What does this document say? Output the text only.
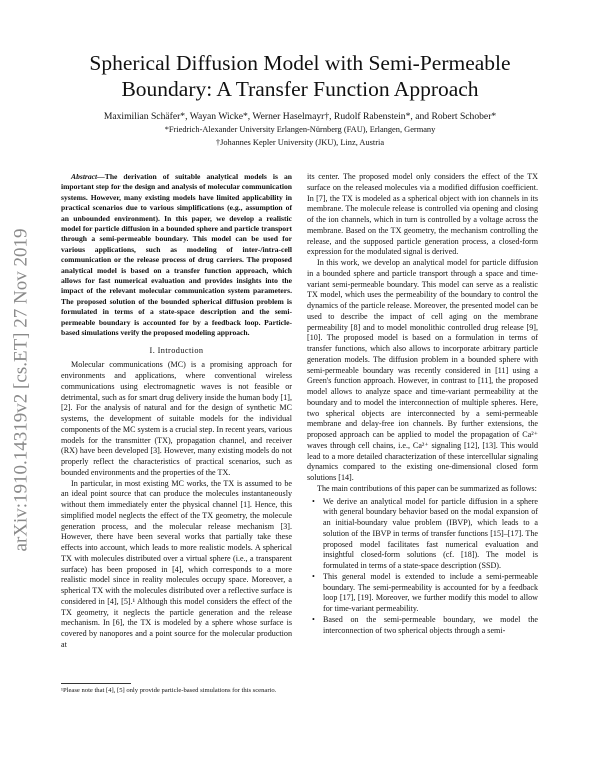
arXiv:1910.14319v2 [cs.ET] 27 Nov 2019
Spherical Diffusion Model with Semi-Permeable Boundary: A Transfer Function Approach
Maximilian Schäfer*, Wayan Wicke*, Werner Haselmayr†, Rudolf Rabenstein*, and Robert Schober*
*Friedrich-Alexander University Erlangen-Nürnberg (FAU), Erlangen, Germany
†Johannes Kepler University (JKU), Linz, Austria

Abstract—The derivation of suitable analytical models is an important step for the design and analysis of molecular communication systems. However, many existing models have limited applicability in practical scenarios due to various simplifications (e.g., assumption of an unbounded environment). In this paper, we develop a realistic model for particle diffusion in a bounded sphere and particle transport through a semi-permeable boundary. This model can be used for various applications, such as modeling of inter-/intra-cell communication or the release process of drug carriers. The proposed analytical model is based on a transfer function approach, which allows for fast numerical evaluation and provides insights into the impact of the relevant molecular communication system parameters. The proposed solution of the bounded spherical diffusion problem is formulated in terms of a state-space description and the semi-permeable boundary is accounted for by a feedback loop. Particle-based simulations verify the proposed modeling approach.

I. Introduction

Molecular communications (MC) is a promising approach for environments and applications, where conventional wireless communications using electromagnetic waves is not feasible or detrimental, such as for smart drug delivery inside the human body [1], [2]. For the analysis of natural and for the design of synthetic MC systems, the development of suitable models for the individual components of the MC system is a crucial step. In recent years, various models for the transmitter (TX), propagation channel, and receiver (RX) have been developed [3]. However, many existing models do not properly reflect the characteristics of practical scenarios, such as bounded environments and the properties of the TX.

In particular, in most existing MC works, the TX is assumed to be an ideal point source that can produce the molecules instantaneously without them immediately enter the physical channel [1]. Hence, this simplified model neglects the effect of the TX geometry, the molecule generation process, and the molecular release mechanism [3]. However, there have been several works that partially take these effects into account, which leads to more realistic models. A spherical TX with molecules distributed over a virtual sphere (i.e., a transparent surface) has been proposed in [4], which corresponds to a more realistic model since in reality molecules occupy space. Moreover, a spherical TX with the molecules distributed over a reflective surface is considered in [4], [5].¹ Although this model considers the effect of the TX geometry, it neglects the particle generation and the release mechanism. In [6], the TX is modeled by a sphere whose surface is covered by nanopores and a point source for the molecular production at

its center. The proposed model only considers the effect of the TX surface on the released molecules via a modified diffusion coefficient. In [7], the TX is modeled as a spherical object with ion channels in its membrane. The molecule release is controlled via opening and closing of the ion channels, which in turn is controlled by a voltage across the membrane. Based on the TX geometry, the mechanism controlling the release, and the supposed particle generation process, a closed-form expression for the modulated signal is derived.

In this work, we develop an analytical model for particle diffusion in a bounded sphere and particle transport through a space and time-variant semi-permeable boundary. This model can serve as a realistic TX model, which uses the permeability of the boundary to control the dynamics of the particle release. Moreover, the presented model can be used to describe the impact of cell aging on the membrane permeability [8] and to model monolithic controlled drug release [9], [10]. The proposed model is based on a formulation in terms of transfer functions, which also allows to incorporate arbitrary particle generation models. The diffusion problem in a bounded sphere with semi-permeable boundary was recently considered in [11] using a Green's function approach. However, in contrast to [11], the proposed model allows to analyze space and time-variant permeability at the boundary and to model the interconnection of multiple spheres. Here, two spherical objects are interconnected by a semi-permeable membrane and delay-free ion channels. By further extensions, the proposed approach can be applied to model the propagation of Ca²⁺ waves through cell chains, i.e., Ca²⁺ signaling [12], [13]. This would lead to a more detailed characterization of these intercellular signaling dynamics compared to the existing one-dimensional closed form solutions [14].

The main contributions of this paper can be summarized as follows:

• We derive an analytical model for particle diffusion in a sphere with general boundary behavior based on the modal expansion of an initial-boundary value problem (IBVP), which leads to a solution of the IBVP in terms of transfer functions [15]–[17]. The proposed model facilitates fast numerical evaluation and insightful closed-form solutions (cf. [18]). The model is formulated in terms of a state-space description (SSD).
• This general model is extended to include a semi-permeable boundary. The semi-permeability is accounted for by a feedback loop [17], [19]. Moreover, we further modify this model to allow for time-variant permeability.
• Based on the semi-permeable boundary, we model the interconnection of two spherical objects through a semi-
¹Please note that [4], [5] only provide particle-based simulations for this scenario.
